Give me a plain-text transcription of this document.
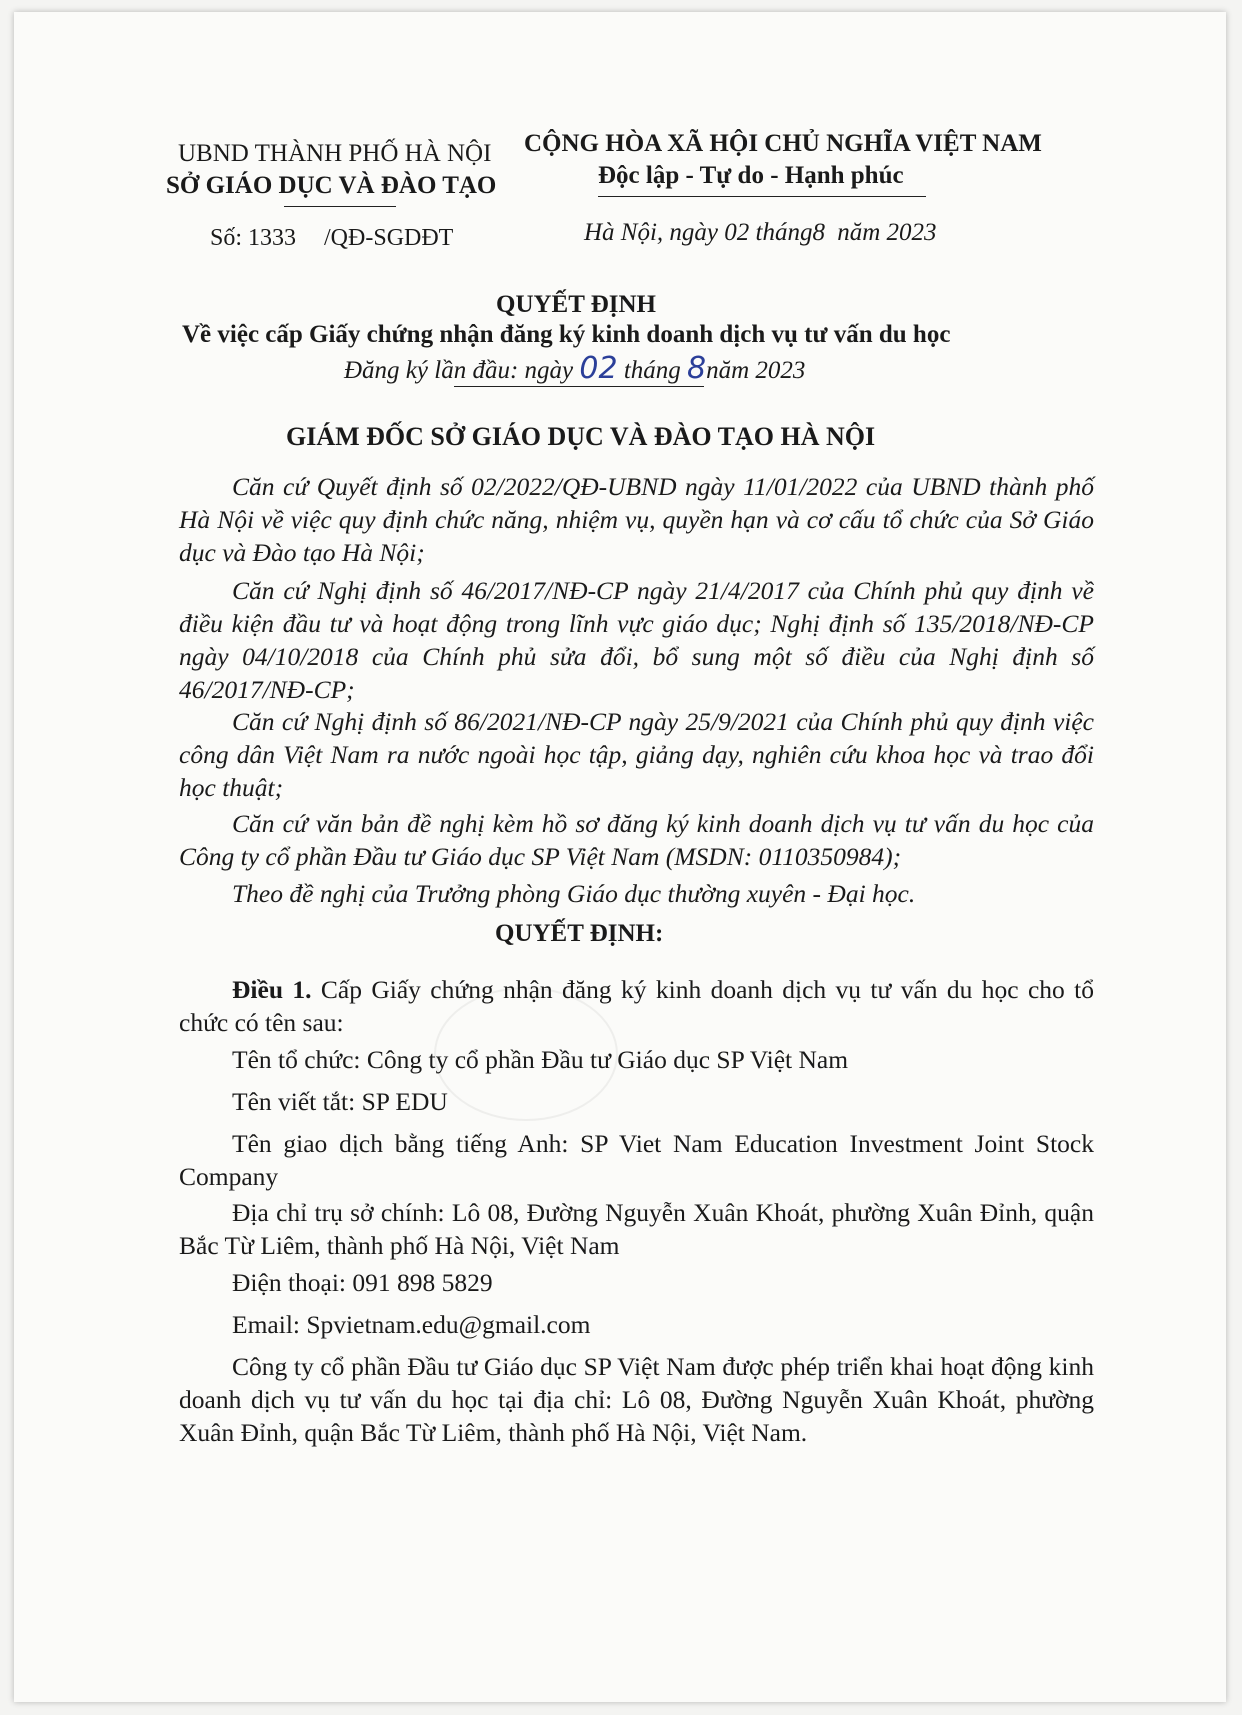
UBND THÀNH PHỐ HÀ NỘI
SỞ GIÁO DỤC VÀ ĐÀO TẠO
CỘNG HÒA XÃ HỘI CHỦ NGHĨA VIỆT NAM
Độc lập - Tự do - Hạnh phúc
Số: 1333 /QĐ-SGDĐT	Hà Nội, ngày 02 tháng8 năm 2023
QUYẾT ĐỊNH
Về việc cấp Giấy chứng nhận đăng ký kinh doanh dịch vụ tư vấn du học
Đăng ký lần đầu: ngày 02 tháng 8năm 2023
GIÁM ĐỐC SỞ GIÁO DỤC VÀ ĐÀO TẠO HÀ NỘI
Căn cứ Quyết định số 02/2022/QĐ-UBND ngày 11/01/2022 của UBND thành phố Hà Nội về việc quy định chức năng, nhiệm vụ, quyền hạn và cơ cấu tổ chức của Sở Giáo dục và Đào tạo Hà Nội;
Căn cứ Nghị định số 46/2017/NĐ-CP ngày 21/4/2017 của Chính phủ quy định về điều kiện đầu tư và hoạt động trong lĩnh vực giáo dục; Nghị định số 135/2018/NĐ-CP ngày 04/10/2018 của Chính phủ sửa đổi, bổ sung một số điều của Nghị định số 46/2017/NĐ-CP;
Căn cứ Nghị định số 86/2021/NĐ-CP ngày 25/9/2021 của Chính phủ quy định việc công dân Việt Nam ra nước ngoài học tập, giảng dạy, nghiên cứu khoa học và trao đổi học thuật;
Căn cứ văn bản đề nghị kèm hồ sơ đăng ký kinh doanh dịch vụ tư vấn du học của Công ty cổ phần Đầu tư Giáo dục SP Việt Nam (MSDN: 0110350984);
Theo đề nghị của Trưởng phòng Giáo dục thường xuyên - Đại học.
QUYẾT ĐỊNH:
Điều 1. Cấp Giấy chứng nhận đăng ký kinh doanh dịch vụ tư vấn du học cho tổ chức có tên sau:
Tên tổ chức: Công ty cổ phần Đầu tư Giáo dục SP Việt Nam
Tên viết tắt: SP EDU
Tên giao dịch bằng tiếng Anh: SP Viet Nam Education Investment Joint Stock Company
Địa chỉ trụ sở chính: Lô 08, Đường Nguyễn Xuân Khoát, phường Xuân Đỉnh, quận Bắc Từ Liêm, thành phố Hà Nội, Việt Nam
Điện thoại: 091 898 5829
Email: Spvietnam.edu@gmail.com
Công ty cổ phần Đầu tư Giáo dục SP Việt Nam được phép triển khai hoạt động kinh doanh dịch vụ tư vấn du học tại địa chỉ: Lô 08, Đường Nguyễn Xuân Khoát, phường Xuân Đỉnh, quận Bắc Từ Liêm, thành phố Hà Nội, Việt Nam.
